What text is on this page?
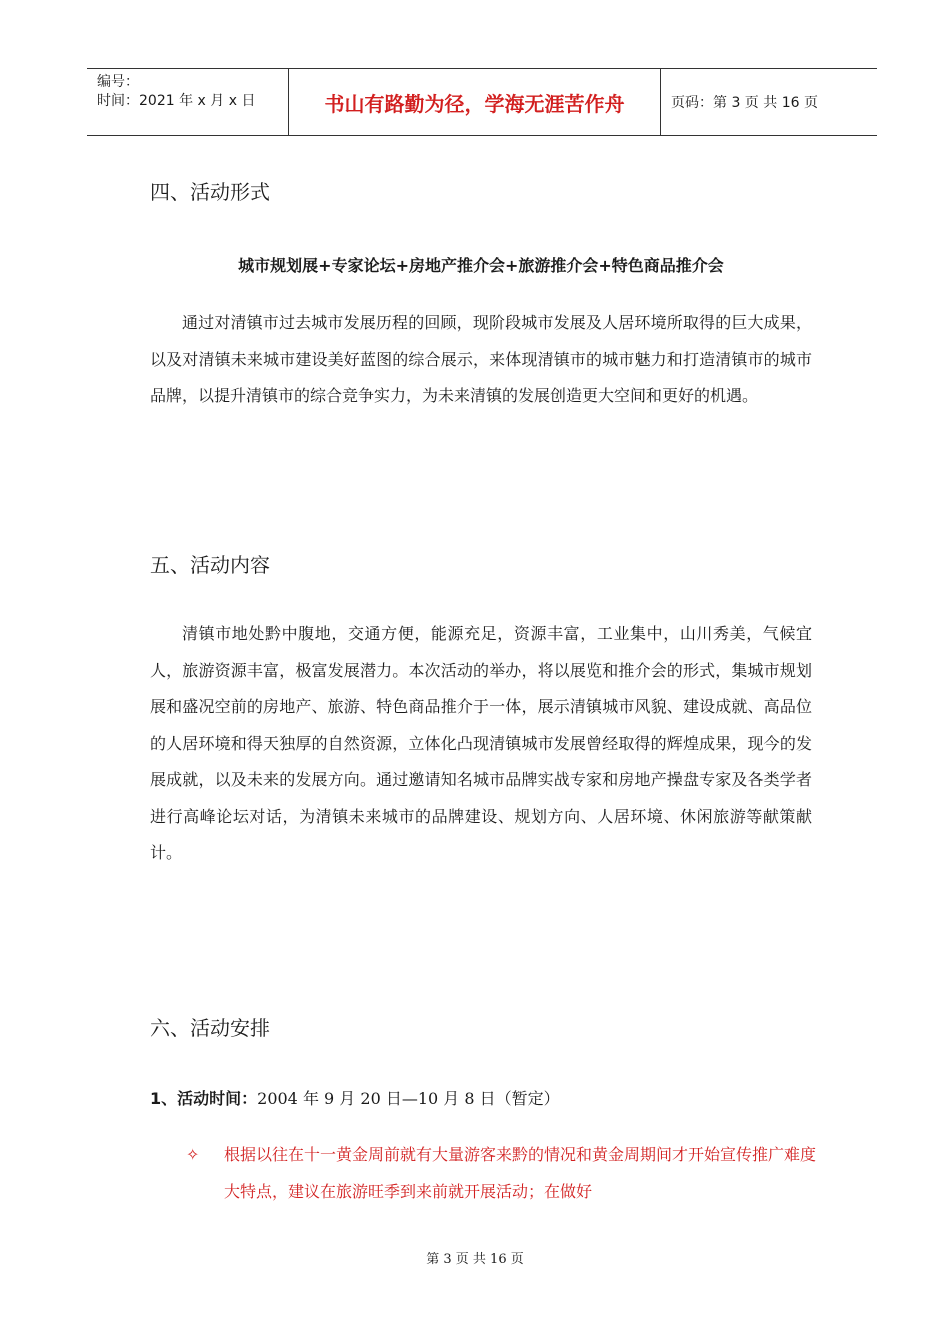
编号：
时间：2021 年 x 月 x 日	书山有路勤为径，学海无涯苦作舟	页码：第 3 页 共 16 页
四、活动形式
城市规划展+专家论坛+房地产推介会+旅游推介会+特色商品推介会

通过对清镇市过去城市发展历程的回顾，现阶段城市发展及人居环境所取得的巨大成果，以及对清镇未来城市建设美好蓝图的综合展示，来体现清镇市的城市魅力和打造清镇市的城市品牌，以提升清镇市的综合竞争实力，为未来清镇的发展创造更大空间和更好的机遇。

五、活动内容

清镇市地处黔中腹地，交通方便，能源充足，资源丰富，工业集中，山川秀美，气候宜人，旅游资源丰富，极富发展潜力。本次活动的举办，将以展览和推介会的形式，集城市规划展和盛况空前的房地产、旅游、特色商品推介于一体，展示清镇城市风貌、建设成就、高品位的人居环境和得天独厚的自然资源，立体化凸现清镇城市发展曾经取得的辉煌成果，现今的发展成就，以及未来的发展方向。通过邀请知名城市品牌实战专家和房地产操盘专家及各类学者进行高峰论坛对话，为清镇未来城市的品牌建设、规划方向、人居环境、休闲旅游等献策献计。

六、活动安排
1、活动时间：2004 年 9 月 20 日—10 月 8 日（暂定）
✧	根据以往在十一黄金周前就有大量游客来黔的情况和黄金周期间才开始宣传推广难度大特点，建议在旅游旺季到来前就开展活动；在做好
第 3 页 共 16 页
